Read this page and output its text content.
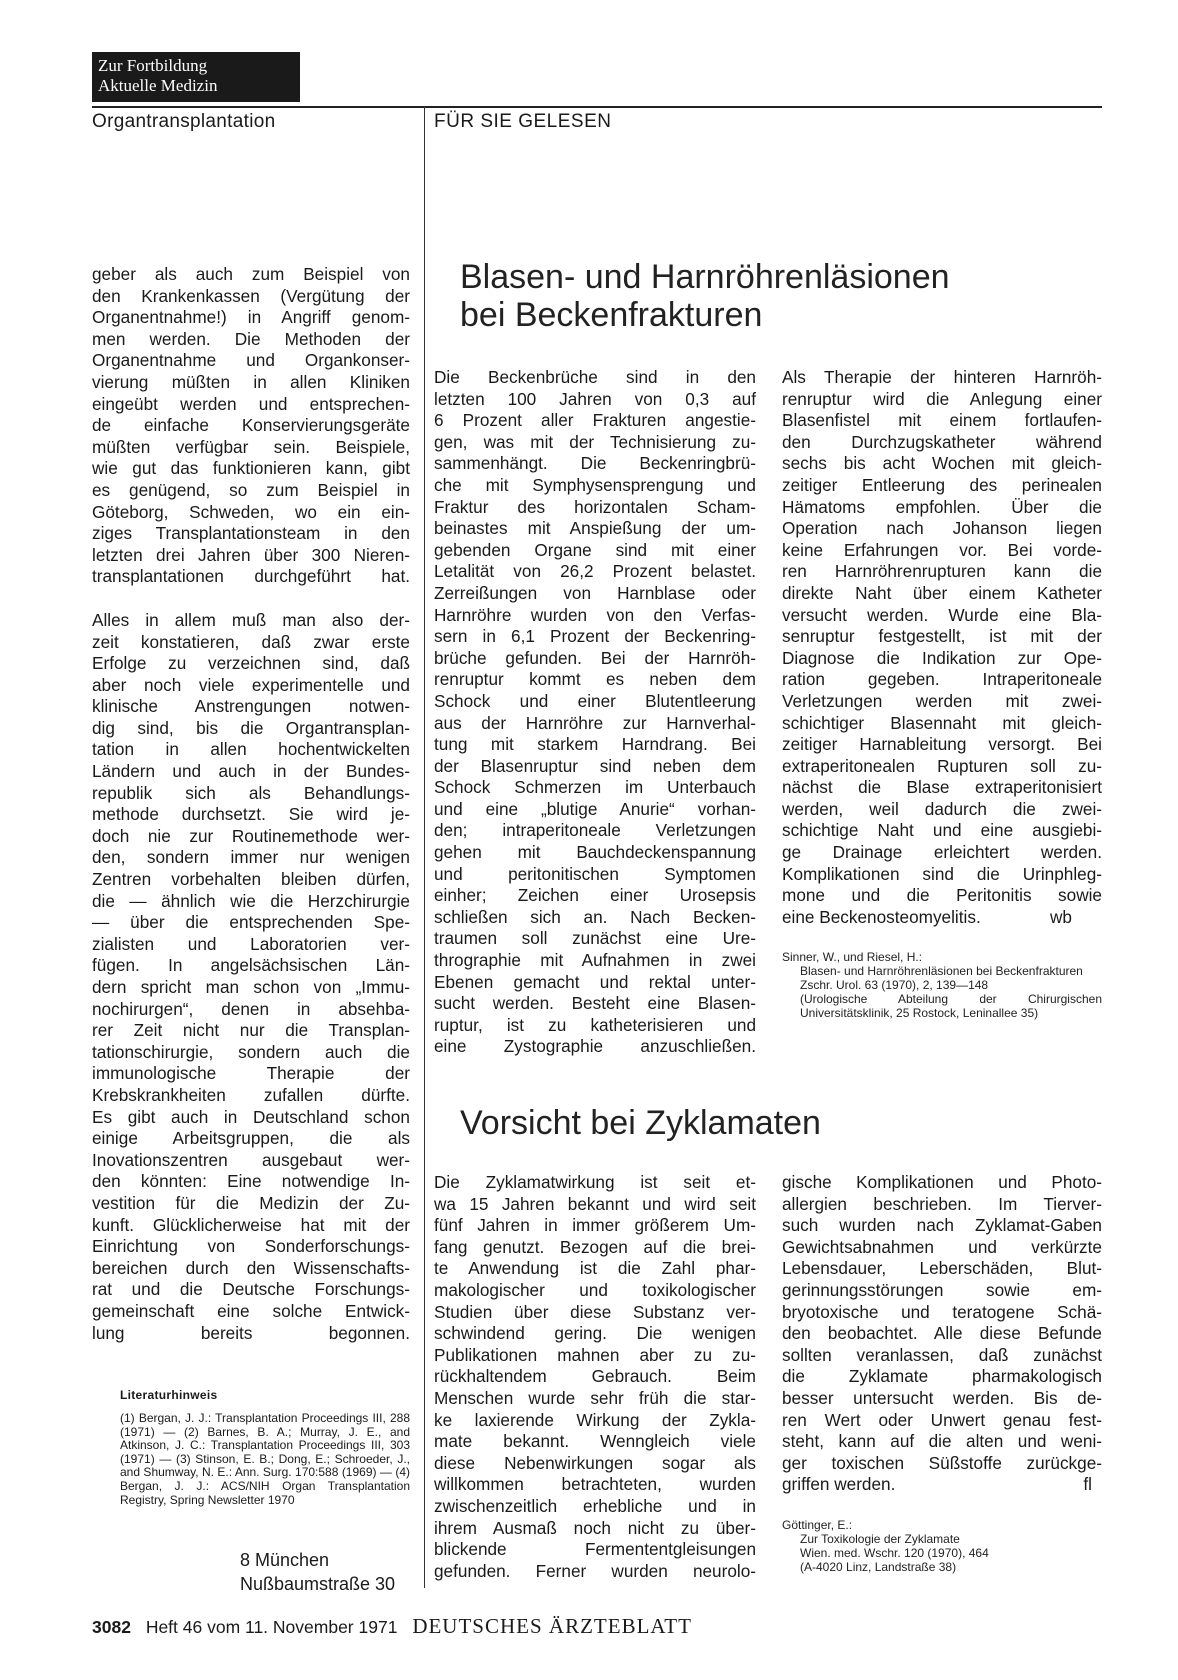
Zur Fortbildung
Aktuelle Medizin
Organtransplantation	FÜR SIE GELESEN

geber als auch zum Beispiel von
den Krankenkassen (Vergütung der
Organentnahme!) in Angriff genom-
men werden. Die Methoden der
Organentnahme und Organkonser-
vierung müßten in allen Kliniken
eingeübt werden und entsprechen-
de einfache Konservierungsgeräte
müßten verfügbar sein. Beispiele,
wie gut das funktionieren kann, gibt
es genügend, so zum Beispiel in
Göteborg, Schweden, wo ein ein-
ziges Transplantationsteam in den
letzten drei Jahren über 300 Nieren-
transplantationen durchgeführt hat.

Alles in allem muß man also der-
zeit konstatieren, daß zwar erste
Erfolge zu verzeichnen sind, daß
aber noch viele experimentelle und
klinische Anstrengungen notwen-
dig sind, bis die Organtransplan-
tation in allen hochentwickelten
Ländern und auch in der Bundes-
republik sich als Behandlungs-
methode durchsetzt. Sie wird je-
doch nie zur Routinemethode wer-
den, sondern immer nur wenigen
Zentren vorbehalten bleiben dürfen,
die — ähnlich wie die Herzchirurgie
— über die entsprechenden Spe-
zialisten und Laboratorien ver-
fügen. In angelsächsischen Län-
dern spricht man schon von „Immu-
nochirurgen“, denen in absehba-
rer Zeit nicht nur die Transplan-
tationschirurgie, sondern auch die
immunologische Therapie der
Krebskrankheiten zufallen dürfte.
Es gibt auch in Deutschland schon
einige Arbeitsgruppen, die als
Inovationszentren ausgebaut wer-
den könnten: Eine notwendige In-
vestition für die Medizin der Zu-
kunft. Glücklicherweise hat mit der
Einrichtung von Sonderforschungs-
bereichen durch den Wissenschafts-
rat und die Deutsche Forschungs-
gemeinschaft eine solche Entwick-
lung bereits begonnen.

Literaturhinweis
(1) Bergan, J. J.: Transplantation Proceedings III, 288 (1971) — (2) Barnes, B. A.; Murray, J. E., and Atkinson, J. C.: Transplantation Proceedings III, 303 (1971) — (3) Stinson, E. B.; Dong, E.; Schroeder, J., and Shumway, N. E.: Ann. Surg. 170:588 (1969) — (4) Bergan, J. J.: ACS/NIH Organ Transplantation Registry, Spring Newsletter 1970
8 München
Nußbaumstraße 30
Blasen- und Harnröhrenläsionen
bei Beckenfrakturen

Die Beckenbrüche sind in den
letzten 100 Jahren von 0,3 auf
6 Prozent aller Frakturen angestie-
gen, was mit der Technisierung zu-
sammenhängt. Die Beckenringbrü-
che mit Symphysensprengung und
Fraktur des horizontalen Scham-
beinastes mit Anspießung der um-
gebenden Organe sind mit einer
Letalität von 26,2 Prozent belastet.
Zerreißungen von Harnblase oder
Harnröhre wurden von den Verfas-
sern in 6,1 Prozent der Beckenring-
brüche gefunden. Bei der Harnröh-
renruptur kommt es neben dem
Schock und einer Blutentleerung
aus der Harnröhre zur Harnverhal-
tung mit starkem Harndrang. Bei
der Blasenruptur sind neben dem
Schock Schmerzen im Unterbauch
und eine „blutige Anurie“ vorhan-
den; intraperitoneale Verletzungen
gehen mit Bauchdeckenspannung
und peritonitischen Symptomen
einher; Zeichen einer Urosepsis
schließen sich an. Nach Becken-
traumen soll zunächst eine Ure-
thrographie mit Aufnahmen in zwei
Ebenen gemacht und rektal unter-
sucht werden. Besteht eine Blasen-
ruptur, ist zu katheterisieren und
eine Zystographie anzuschließen.

Als Therapie der hinteren Harnröh-
renruptur wird die Anlegung einer
Blasenfistel mit einem fortlaufen-
den Durchzugskatheter während
sechs bis acht Wochen mit gleich-
zeitiger Entleerung des perinealen
Hämatoms empfohlen. Über die
Operation nach Johanson liegen
keine Erfahrungen vor. Bei vorde-
ren Harnröhrenrupturen kann die
direkte Naht über einem Katheter
versucht werden. Wurde eine Bla-
senruptur festgestellt, ist mit der
Diagnose die Indikation zur Ope-
ration gegeben. Intraperitoneale
Verletzungen werden mit zwei-
schichtiger Blasennaht mit gleich-
zeitiger Harnableitung versorgt. Bei
extraperitonealen Rupturen soll zu-
nächst die Blase extraperitonisiert
werden, weil dadurch die zwei-
schichtige Naht und eine ausgiebi-
ge Drainage erleichtert werden.
Komplikationen sind die Urinphleg-
mone und die Peritonitis sowie

eine Beckenosteomyelitis.	wb
Sinner, W., und Riesel, H.:
Blasen- und Harnröhrenläsionen bei Beckenfrakturen
Zschr. Urol. 63 (1970), 2, 139—148
(Urologische Abteilung der Chirurgischen Universitätsklinik, 25 Rostock, Leninallee 35)
Vorsicht bei Zyklamaten

Die Zyklamatwirkung ist seit et-
wa 15 Jahren bekannt und wird seit
fünf Jahren in immer größerem Um-
fang genutzt. Bezogen auf die brei-
te Anwendung ist die Zahl phar-
makologischer und toxikologischer
Studien über diese Substanz ver-
schwindend gering. Die wenigen
Publikationen mahnen aber zu zu-
rückhaltendem Gebrauch. Beim
Menschen wurde sehr früh die star-
ke laxierende Wirkung der Zykla-
mate bekannt. Wenngleich viele
diese Nebenwirkungen sogar als
willkommen betrachteten, wurden
zwischenzeitlich erhebliche und in
ihrem Ausmaß noch nicht zu über-
blickende Fermententgleisungen
gefunden. Ferner wurden neurolo-

gische Komplikationen und Photo-
allergien beschrieben. Im Tierver-
such wurden nach Zyklamat-Gaben
Gewichtsabnahmen und verkürzte
Lebensdauer, Leberschäden, Blut-
gerinnungsstörungen sowie em-
bryotoxische und teratogene Schä-
den beobachtet. Alle diese Befunde
sollten veranlassen, daß zunächst
die Zyklamate pharmakologisch
besser untersucht werden. Bis de-
ren Wert oder Unwert genau fest-
steht, kann auf die alten und weni-
ger toxischen Süßstoffe zurückge-

griffen werden.	fl
Göttinger, E.:
Zur Toxikologie der Zyklamate
Wien. med. Wschr. 120 (1970), 464
(A-4020 Linz, Landstraße 38)
3082 Heft 46 vom 11. November 1971 DEUTSCHES ÄRZTEBLATT
